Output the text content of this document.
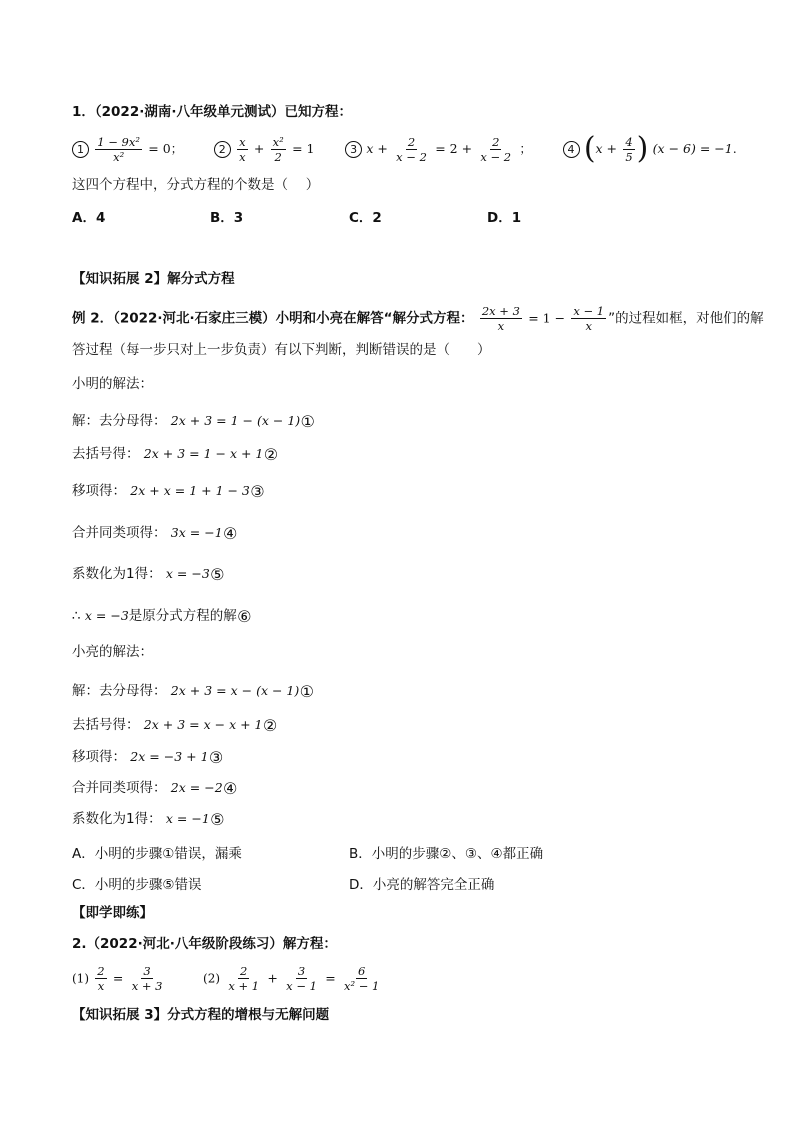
1．（2022·湖南·八年级单元测试）已知方程：
$1 \frac{\text{1 − 9x²}}{\text{x²}} = 0$；	$2 \frac{x}{x} + \frac{\text{x²}}{2} = 1$	3 $x + \frac{2}{x - 2} = 2 + \frac{2}{x - 2}$ ；	4 ($x + \frac{4}{5}$ ) (x − 6) = −1.
这四个方程中，分式方程的个数是（　 ）
A．4	B．3	C．2	D．1
【知识拓展 2】解分式方程
例 2．（2022·河北·石家庄三模）小明和小亮在解答“解分式方程： $\frac{2x + 3}{x} = 1 - \frac{x - 1}{x}$ ”的过程如框，对他们的解
答过程（每一步只对上一步负责）有以下判断，判断错误的是（　　）
小明的解法：
解：去分母得： 2x + 3 = 1 − (x − 1)①
去括号得： 2x + 3 = 1 − x + 1②
移项得： 2x + x = 1 + 1 − 3③
合并同类项得： 3x = −1④
系数化为1得： x = −3⑤
∴ x = −3是原分式方程的解⑥
小亮的解法：
解：去分母得： 2x + 3 = x − (x − 1)①
去括号得： 2x + 3 = x − x + 1②
移项得： 2x = −3 + 1③
合并同类项得： 2x = −2④
系数化为1得： x = −1⑤
A．小明的步骤①错误，漏乘	B．小明的步骤②、③、④都正确
C．小明的步骤⑤错误	D．小亮的解答完全正确
【即学即练】
2.（2022·河北·八年级阶段练习）解方程：
$(1) \frac{2}{x} = \frac{3}{x + 3}$	$(2) \frac{2}{x + 1} + \frac{3}{x - 1} = \frac{6}{\text{x² − 1}}$
【知识拓展 3】分式方程的增根与无解问题
